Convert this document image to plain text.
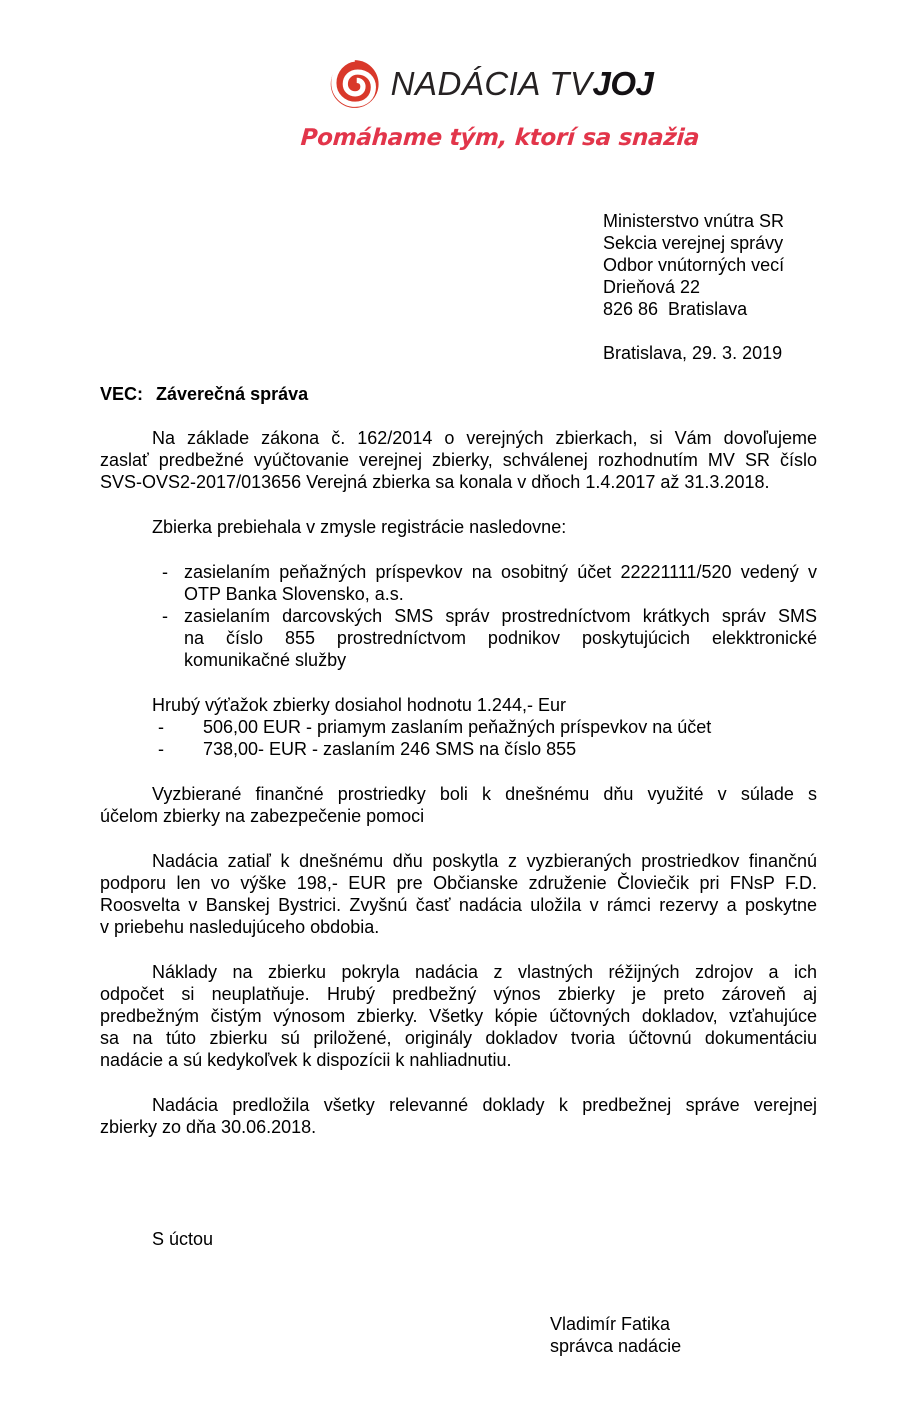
NADÁCIA TVJOJ
Pomáhame tým, ktorí sa snažia
Ministerstvo vnútra SR
Sekcia verejnej správy
Odbor vnútorných vecí
Drieňová 22
826 86  Bratislava
Bratislava, 29. 3. 2019
VEC: Záverečná správa
Na základe zákona č. 162/2014 o verejných zbierkach, si Vám dovoľujeme
zaslať predbežné vyúčtovanie verejnej zbierky, schválenej rozhodnutím MV SR číslo
SVS-OVS2-2017/013656 Verejná zbierka sa konala v dňoch 1.4.2017 až 31.3.2018.
Zbierka prebiehala v zmysle registrácie nasledovne:
- zasielaním peňažných príspevkov na osobitný účet 22221111/520 vedený v
OTP Banka Slovensko, a.s.
- zasielaním darcovských SMS správ prostredníctvom krátkych správ SMS
na číslo 855 prostredníctvom podnikov poskytujúcich elekktronické
komunikačné služby
Hrubý výťažok zbierky dosiahol hodnotu 1.244,- Eur
- 506,00 EUR - priamym zaslaním peňažných príspevkov na účet
- 738,00- EUR - zaslaním 246 SMS na číslo 855
Vyzbierané finančné prostriedky boli k dnešnému dňu využité v súlade s
účelom zbierky na zabezpečenie pomoci
Nadácia zatiaľ k dnešnému dňu poskytla z vyzbieraných prostriedkov finančnú
podporu len vo výške 198,- EUR pre Občianske združenie Človiečik pri FNsP F.D.
Roosvelta v Banskej Bystrici. Zvyšnú časť nadácia uložila v rámci rezervy a poskytne
v priebehu nasledujúceho obdobia.
Náklady na zbierku pokryla nadácia z vlastných réžijných zdrojov a ich
odpočet si neuplatňuje. Hrubý predbežný výnos zbierky je preto zároveň aj
predbežným čistým výnosom zbierky. Všetky kópie účtovných dokladov, vzťahujúce
sa na túto zbierku sú priložené, originály dokladov tvoria účtovnú dokumentáciu
nadácie a sú kedykoľvek k dispozícii k nahliadnutiu.
Nadácia predložila všetky relevanné doklady k predbežnej správe verejnej
zbierky zo dňa 30.06.2018.
S úctou
Vladimír Fatika
správca nadácie
